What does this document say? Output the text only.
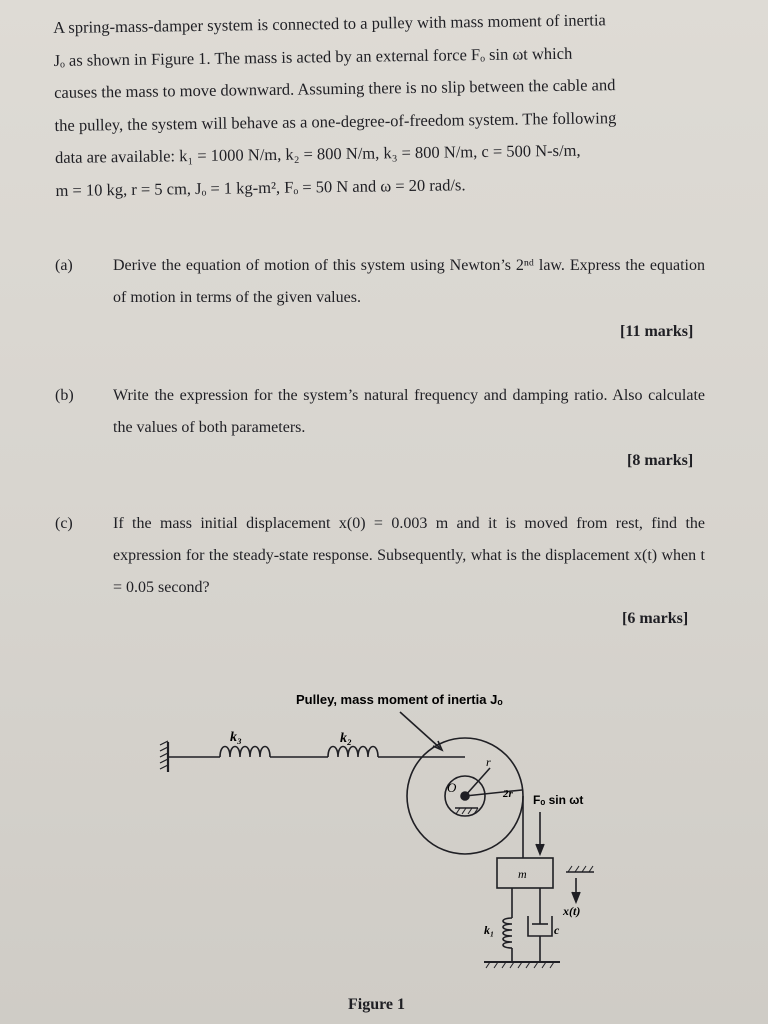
A spring-mass-damper system is connected to a pulley with mass moment of inertia

Jₒ as shown in Figure 1. The mass is acted by an external force Fₒ sin ωt which

causes the mass to move downward. Assuming there is no slip between the cable and

the pulley, the system will behave as a one-degree-of-freedom system. The following

data are available: k₁ = 1000 N/m, k₂ = 800 N/m, k₃ = 800 N/m, c = 500 N-s/m,

m = 10 kg, r = 5 cm, Jₒ = 1 kg-m², Fₒ = 50 N and ω = 20 rad/s.

(a)	Derive the equation of motion of this system using Newton’s 2ⁿᵈ law. Express the equation of motion in terms of the given values.
[11 marks]
(b) Write the expression for the system’s natural frequency and damping ratio. Also calculate the values of both parameters.
[8 marks]
(c)	If the mass initial displacement x(0) = 0.003 m and it is moved from rest, find the expression for the steady-state response. Subsequently, what is the displacement x(t) when t = 0.05 second?
[6 marks]
Pulley, mass moment of inertia Jₒ
k₃	k₂
O
r
2r Fₒ sin ωt
m
x(t)
k₁	c
Figure 1
